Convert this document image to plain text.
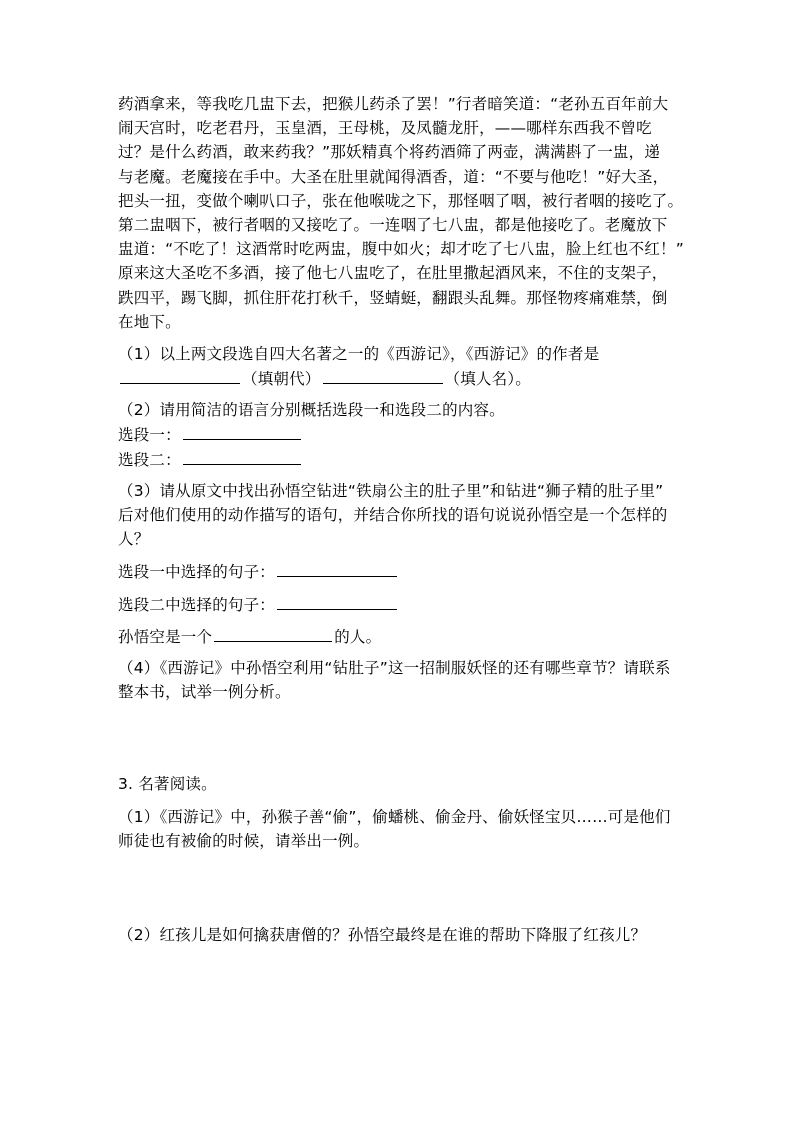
药酒拿来，等我吃几盅下去，把猴儿药杀了罢！”行者暗笑道：“老孙五百年前大
闹天宫时，吃老君丹，玉皇酒，王母桃，及凤髓龙肝，——哪样东西我不曾吃
过？是什么药酒，敢来药我？”那妖精真个将药酒筛了两壶，满满斟了一盅，递
与老魔。老魔接在手中。大圣在肚里就闻得酒香，道：“不要与他吃！”好大圣，
把头一扭，变做个喇叭口子，张在他喉咙之下，那怪咽了咽，被行者咽的接吃了。
第二盅咽下，被行者咽的又接吃了。一连咽了七八盅，都是他接吃了。老魔放下
盅道：“不吃了！这酒常时吃两盅，腹中如火；却才吃了七八盅，脸上红也不红！”
原来这大圣吃不多酒，接了他七八盅吃了，在肚里撒起酒风来，不住的支架子，
跌四平，踢飞脚，抓住肝花打秋千，竖蜻蜓，翻跟头乱舞。那怪物疼痛难禁，倒
在地下。
（1）以上两文段选自四大名著之一的《西游记》，《西游记》的作者是
（填朝代）	（填人名）。
（2）请用简洁的语言分别概括选段一和选段二的内容。
选段一：
选段二：
（3）请从原文中找出孙悟空钻进“铁扇公主的肚子里”和钻进“狮子精的肚子里”
后对他们使用的动作描写的语句，并结合你所找的语句说说孙悟空是一个怎样的
人？
选段一中选择的句子：
选段二中选择的句子：
孙悟空是一个	的人。
（4）《西游记》中孙悟空利用“钻肚子”这一招制服妖怪的还有哪些章节？请联系
整本书，试举一例分析。
3. 名著阅读。
（1）《西游记》中，孙猴子善“偷”，偷蟠桃、偷金丹、偷妖怪宝贝……可是他们
师徒也有被偷的时候，请举出一例。
（2）红孩儿是如何擒获唐僧的？孙悟空最终是在谁的帮助下降服了红孩儿？
